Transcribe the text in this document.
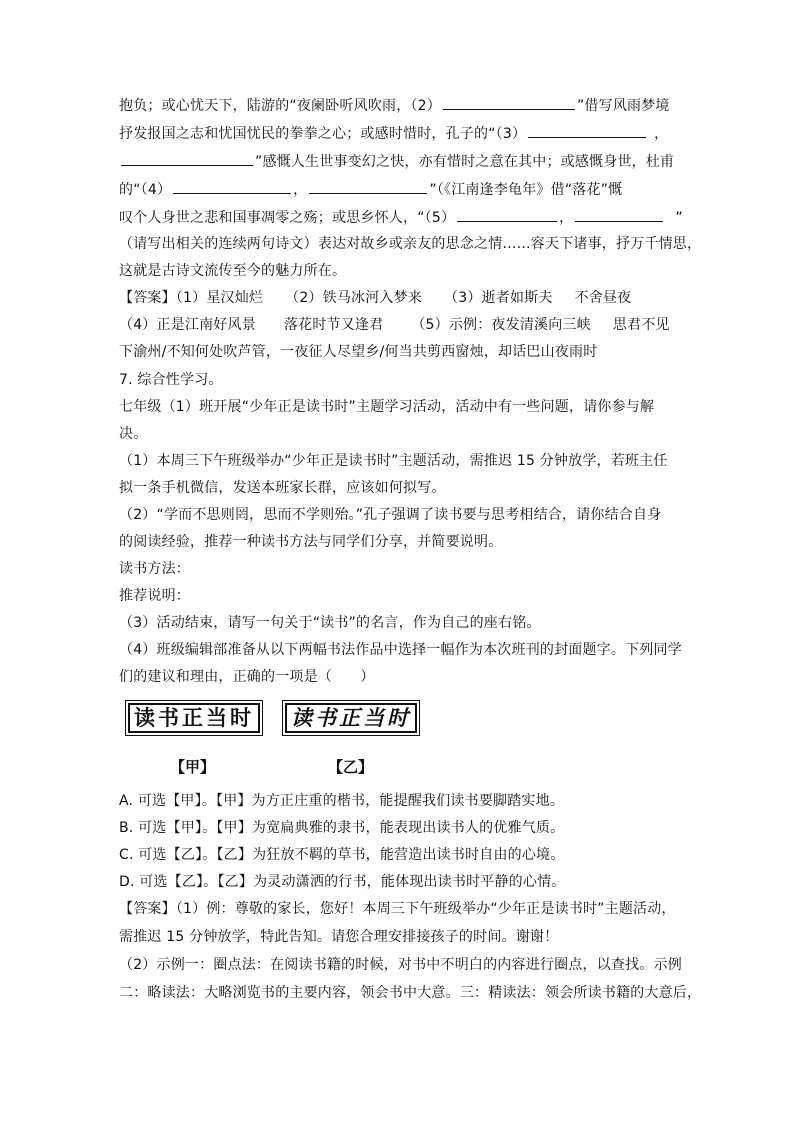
抱负；或心忧天下，陆游的“夜阑卧听风吹雨，（2）	”借写风雨梦境
抒发报国之志和忧国忧民的拳拳之心；或感时惜时，孔子的“（3）	，
”感慨人生世事变幻之快，亦有惜时之意在其中；或感慨身世，杜甫
的“（4）	，	”（《江南逢李龟年》借“落花”慨
叹个人身世之悲和国事凋零之殇；或思乡怀人，“（5）	，	”
（请写出相关的连续两句诗文）表达对故乡或亲友的思念之情……容天下诸事，抒万千情思，
这就是古诗文流传至今的魅力所在。
【答案】（1）星汉灿烂 （2）铁马冰河入梦来 （3）逝者如斯夫 不舍昼夜
（4）正是江南好风景 落花时节又逢君 （5）示例：夜发清溪向三峡 思君不见
下渝州/不知何处吹芦管，一夜征人尽望乡/何当共剪西窗烛，却话巴山夜雨时
7. 综合性学习。
七年级（1）班开展“少年正是读书时”主题学习活动，活动中有一些问题，请你参与解
决。
（1）本周三下午班级举办“少年正是读书时”主题活动，需推迟 15 分钟放学，若班主任
拟一条手机微信，发送本班家长群，应该如何拟写。
（2）“学而不思则罔，思而不学则殆。”孔子强调了读书要与思考相结合，请你结合自身
的阅读经验，推荐一种读书方法与同学们分享，并简要说明。
读书方法：
推荐说明：
（3）活动结束，请写一句关于“读书”的名言，作为自己的座右铭。
（4）班级编辑部准备从以下两幅书法作品中选择一幅作为本次班刊的封面题字。下列同学
们的建议和理由，正确的一项是（　　）
读书正当时 读书正当时
【甲】	【乙】
A. 可选【甲】。【甲】为方正庄重的楷书，能提醒我们读书要脚踏实地。
B. 可选【甲】。【甲】为宽扁典雅的隶书，能表现出读书人的优雅气质。
C. 可选【乙】。【乙】为狂放不羁的草书，能营造出读书时自由的心境。
D. 可选【乙】。【乙】为灵动潇洒的行书，能体现出读书时平静的心情。
【答案】（1）例：尊敬的家长，您好！本周三下午班级举办“少年正是读书时”主题活动，
需推迟 15 分钟放学，特此告知。请您合理安排接孩子的时间。谢谢！
（2）示例一：圈点法：在阅读书籍的时候，对书中不明白的内容进行圈点，以查找。示例
二：略读法：大略浏览书的主要内容，领会书中大意。三：精读法：领会所读书籍的大意后，
